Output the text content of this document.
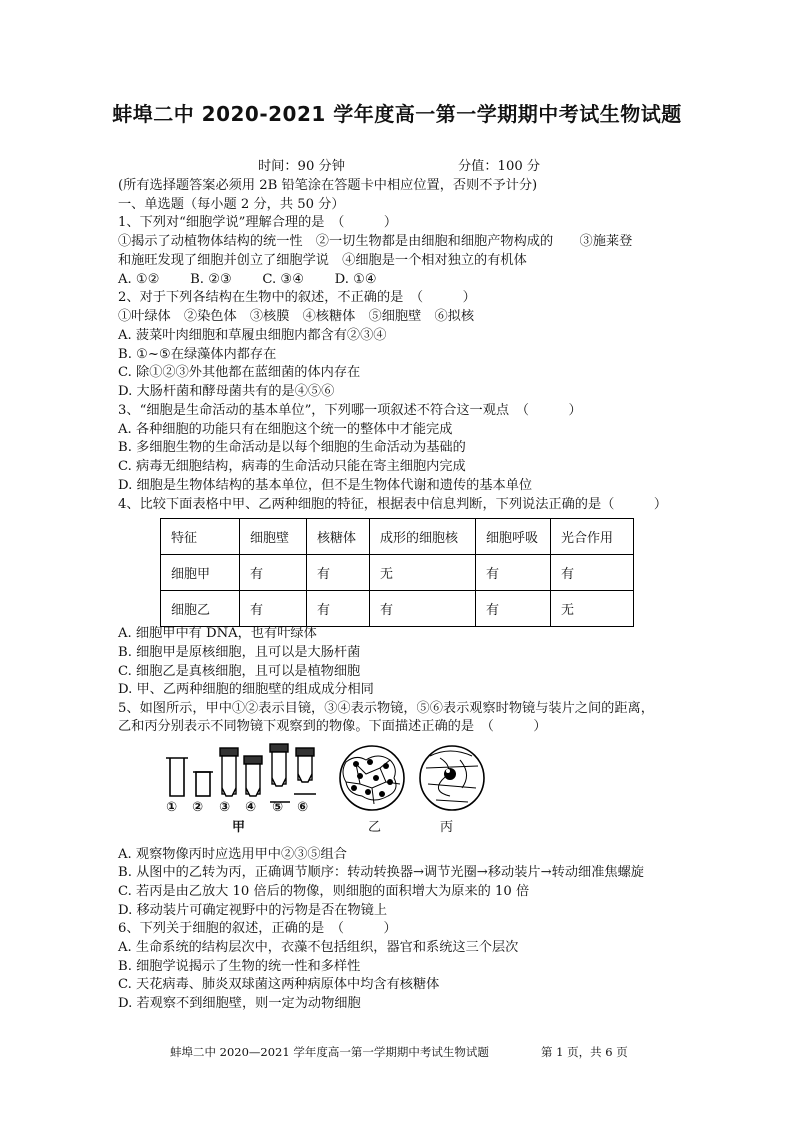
蚌埠二中 2020-2021 学年度高一第一学期期中考试生物试题
时间：90 分钟	分值：100 分
(所有选择题答案必须用 2B 铅笔涂在答题卡中相应位置，否则不予计分)
一、单选题（每小题 2 分，共 50 分）
1、下列对“细胞学说”理解合理的是　（　　　）
①揭示了动植物体结构的统一性　②一切生物都是由细胞和细胞产物构成的　　③施莱登
和施旺发现了细胞并创立了细胞学说　④细胞是一个相对独立的有机体
A. ①②　　 B. ②③　　 C. ③④　　 D. ①④
2、对于下列各结构在生物中的叙述，不正确的是　（　　　）
①叶绿体　②染色体　③核膜　④核糖体　⑤细胞壁　⑥拟核
A. 菠菜叶肉细胞和草履虫细胞内都含有②③④
B. ①~⑤在绿藻体内都存在
C. 除①②③外其他都在蓝细菌的体内存在
D. 大肠杆菌和酵母菌共有的是④⑤⑥
3、“细胞是生命活动的基本单位”，下列哪一项叙述不符合这一观点　（　　　）
A. 各种细胞的功能只有在细胞这个统一的整体中才能完成
B. 多细胞生物的生命活动是以每个细胞的生命活动为基础的
C. 病毒无细胞结构，病毒的生命活动只能在寄主细胞内完成
D. 细胞是生物体结构的基本单位，但不是生物体代谢和遗传的基本单位
4、比较下面表格中甲、乙两种细胞的特征，根据表中信息判断，下列说法正确的是（　　　）
特征	细胞壁	核糖体	成形的细胞核	细胞呼吸	光合作用
细胞甲	有	有	无	有	有
细胞乙	有	有	有	有	无
A. 细胞甲中有 DNA，也有叶绿体
B. 细胞甲是原核细胞，且可以是大肠杆菌
C. 细胞乙是真核细胞，且可以是植物细胞
D. 甲、乙两种细胞的细胞壁的组成成分相同
5、如图所示，甲中①②表示目镜，③④表示物镜，⑤⑥表示观察时物镜与装片之间的距离，
乙和丙分别表示不同物镜下观察到的物像。下面描述正确的是　（　　　）
① ② ③ ④ ⑤ ⑥
甲	乙	丙
A. 观察物像丙时应选用甲中②③⑤组合
B. 从图中的乙转为丙，正确调节顺序：转动转换器→调节光圈→移动装片→转动细准焦螺旋
C. 若丙是由乙放大 10 倍后的物像，则细胞的面积增大为原来的 10 倍
D. 移动装片可确定视野中的污物是否在物镜上
6、下列关于细胞的叙述，正确的是　（　　　）
A. 生命系统的结构层次中，衣藻不包括组织，器官和系统这三个层次
B. 细胞学说揭示了生物的统一性和多样性
C. 天花病毒、肺炎双球菌这两种病原体中均含有核糖体
D. 若观察不到细胞壁，则一定为动物细胞
蚌埠二中 2020—2021 学年度高一第一学期期中考试生物试题	第 1 页，共 6 页
